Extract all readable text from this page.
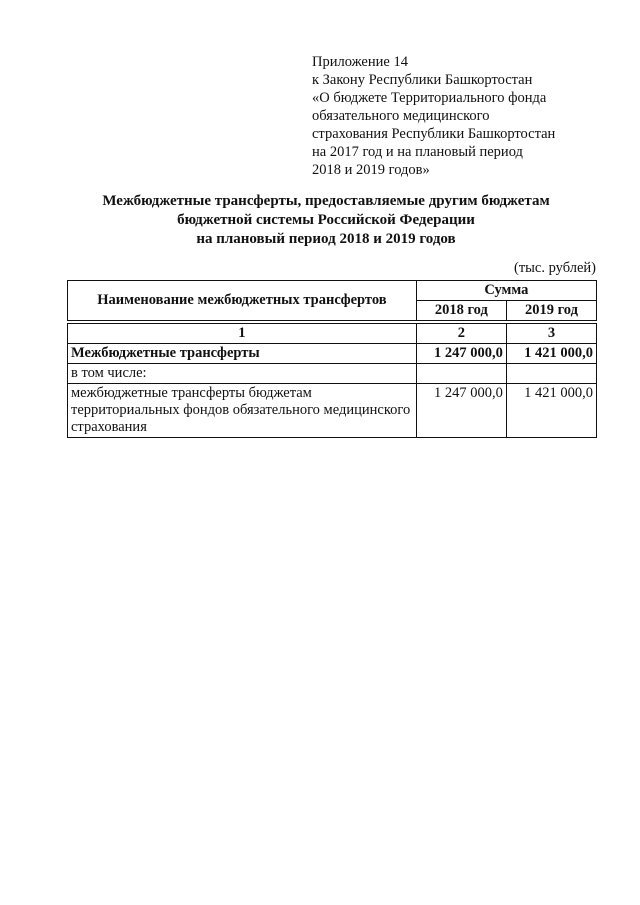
Приложение 14
к Закону Республики Башкортостан
«О бюджете Территориального фонда
обязательного медицинского
страхования Республики Башкортостан
на 2017 год и на плановый период
2018 и 2019 годов»
Межбюджетные трансферты, предоставляемые другим бюджетам
бюджетной системы Российской Федерации
на плановый период 2018 и 2019 годов
(тыс. рублей)
Наименование межбюджетных трансфертов	Сумма	
	2018 год	2019 год

1	2	3
Межбюджетные трансферты	1 247 000,0	1 421 000,0
в том числе:		
межбюджетные трансферты бюджетам территориальных фондов обязательного медицинского страхования	1 247 000,0	1 421 000,0
